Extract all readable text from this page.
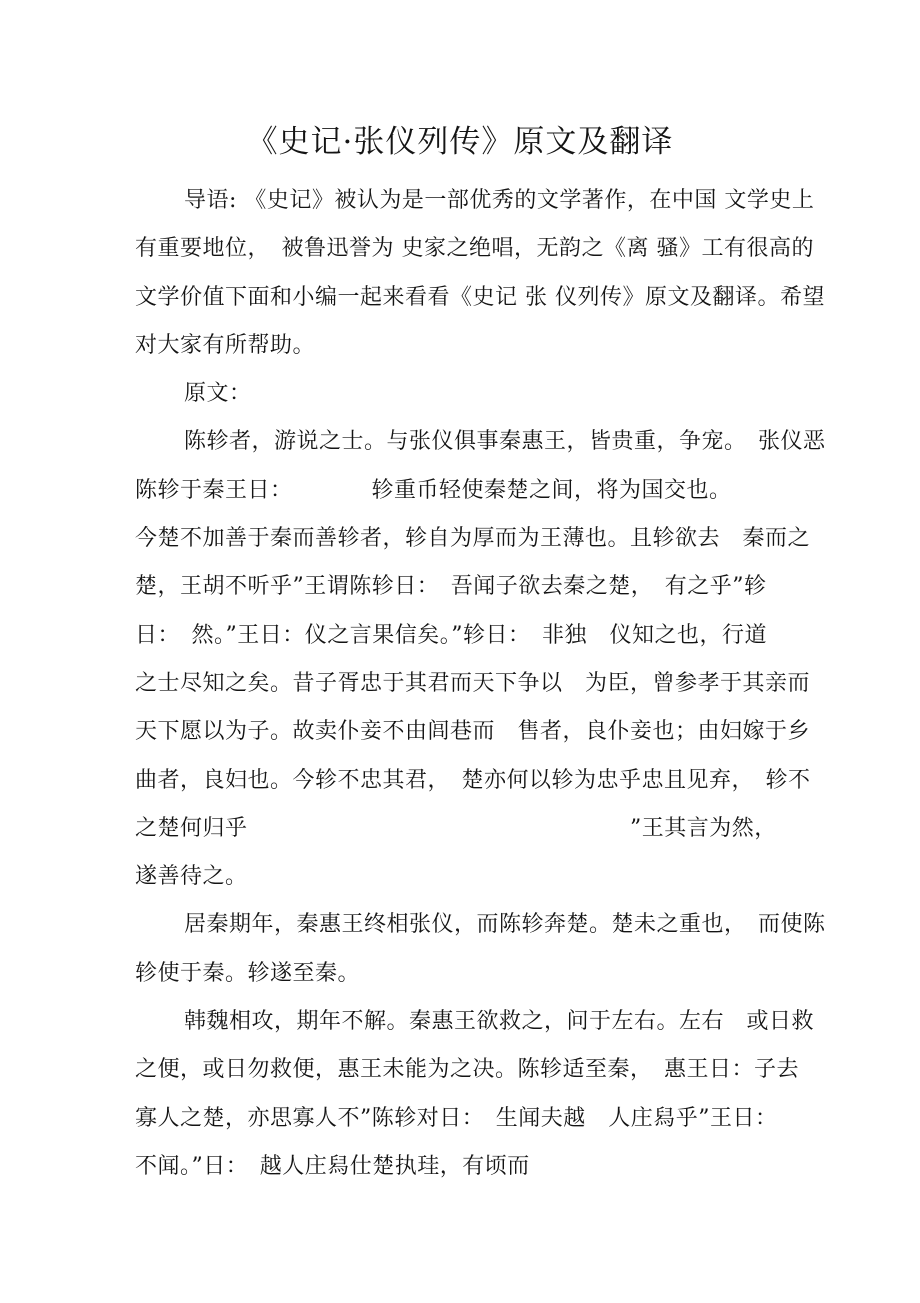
《史记·张仪列传》原文及翻译
导语: 《史记》被认为是一部优秀的文学著作，在中国 文学史上
有重要地位，　被鲁迅誉为 史家之绝唱，无韵之《离 骚》工有很高的
文学价值下面和小编一起来看看《史记 张 仪列传》原文及翻译。希望
对大家有所帮助。
原文：
陈轸者，游说之士。与张仪俱事秦惠王，皆贵重，争宠。　张仪恶
陈轸于秦王日：　　　　轸重币轻使秦楚之间，将为国交也。
今楚不加善于秦而善轸者，轸自为厚而为王薄也。且轸欲去　秦而之
楚，王胡不听乎”王谓陈轸日：　吾闻子欲去秦之楚，　有之乎”轸
日：　然。”王日：仪之言果信矣。”轸日：　非独　仪知之也，行道
之士尽知之矣。昔子胥忠于其君而天下争以　为臣，曾参孝于其亲而
天下愿以为子。故卖仆妾不由闾巷而　售者，良仆妾也；由妇嫁于乡
曲者，良妇也。今轸不忠其君，　楚亦何以轸为忠乎忠且见弃，　轸不
之楚何归乎　　　　　　　　　　　　　　　　　”王其言为然，
遂善待之。
居秦期年，秦惠王终相张仪，而陈轸奔楚。楚未之重也，　而使陈
轸使于秦。轸遂至秦。
韩魏相攻，期年不解。秦惠王欲救之，问于左右。左右　或日救
之便，或日勿救便，惠王未能为之决。陈轸适至秦，　惠王日：子去
寡人之楚，亦思寡人不”陈轸对日：　生闻夫越　人庄舄乎”王日：
不闻。”日：　越人庄舄仕楚执珪，有顷而
